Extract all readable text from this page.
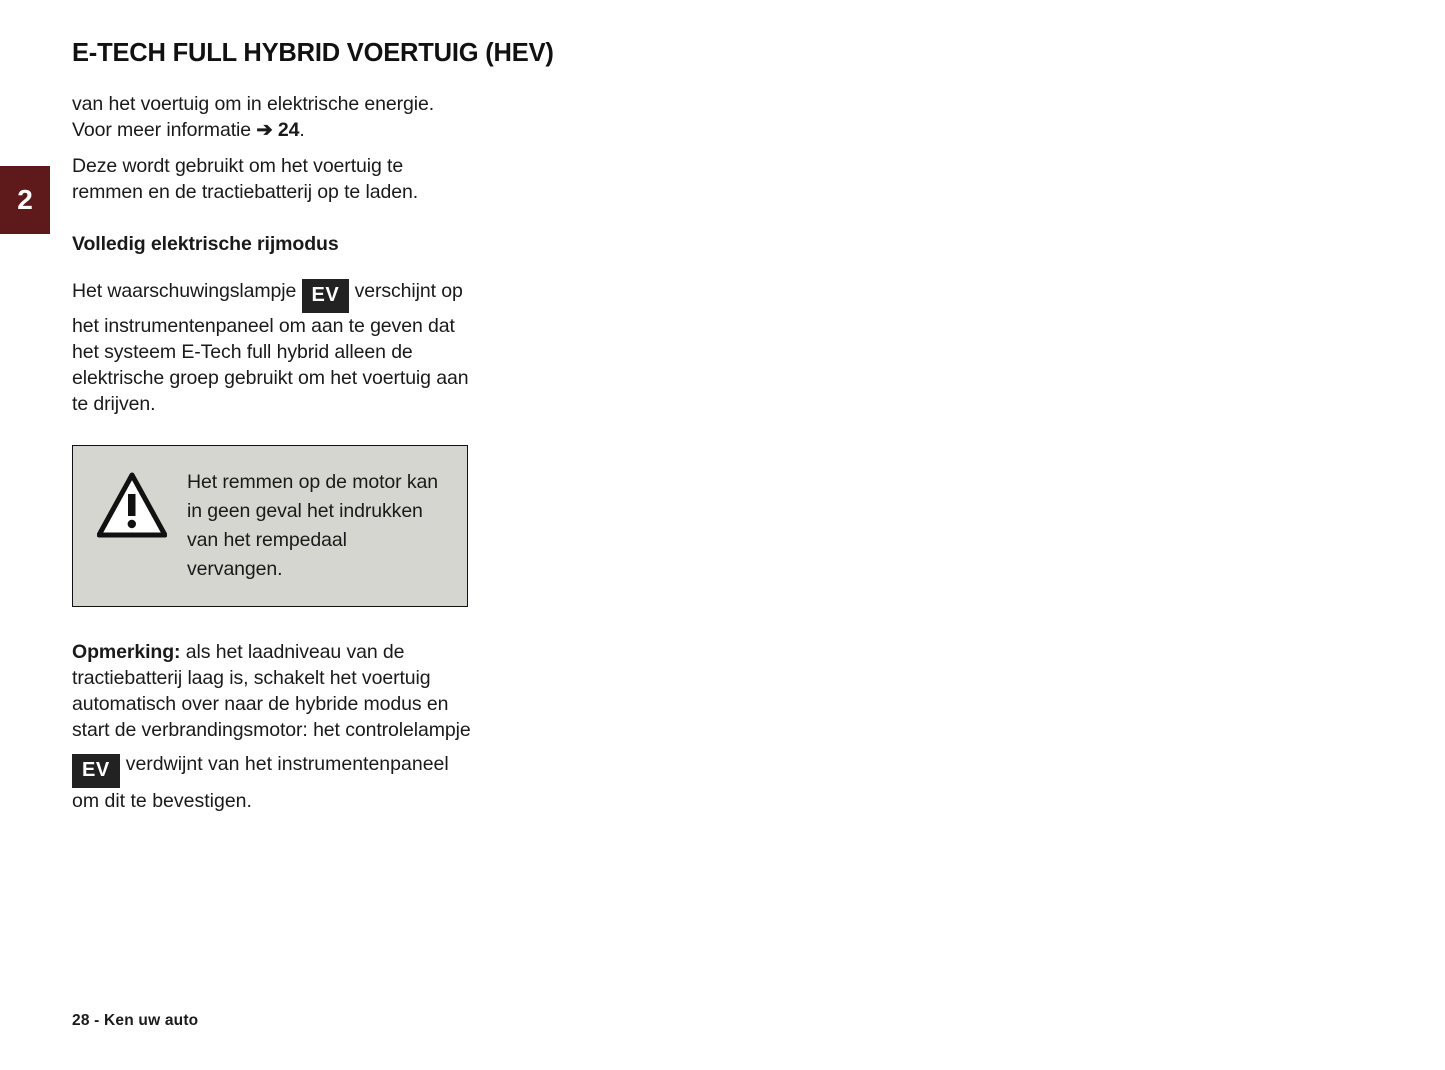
2
E-TECH FULL HYBRID VOERTUIG (HEV)

van het voertuig om in elektrische energie. Voor meer informatie ➔ 24.

Deze wordt gebruikt om het voertuig te remmen en de tractiebatterij op te laden.

Volledig elektrische rijmodus

Het waarschuwingslampje EV verschijnt op het instrumentenpaneel om aan te geven dat het systeem E-Tech full hybrid alleen de elektrische groep gebruikt om het voertuig aan te drijven.

Het remmen op de motor kan in geen geval het indrukken van het rempedaal vervangen.

Opmerking: als het laadniveau van de tractiebatterij laag is, schakelt het voertuig automatisch over naar de hybride modus en start de verbrandingsmotor: het controlelampje

EV verdwijnt van het instrumentenpaneel om dit te bevestigen.

28 - Ken uw auto
